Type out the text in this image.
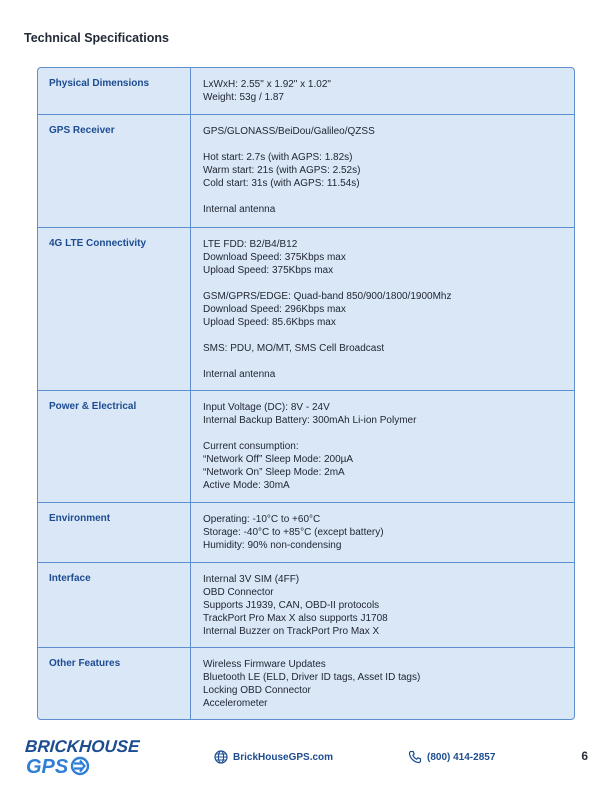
Technical Specifications
Physical Dimensions	LxWxH: 2.55" x 1.92" x 1.02"
Weight: 53g / 1.87
GPS Receiver	GPS/GLONASS/BeiDou/Galileo/QZSS
Hot start: 2.7s (with AGPS: 1.82s)
Warm start: 21s (with AGPS: 2.52s)
Cold start: 31s (with AGPS: 11.54s)
Internal antenna
4G LTE Connectivity	LTE FDD: B2/B4/B12
Download Speed: 375Kbps max
Upload Speed: 375Kbps max
GSM/GPRS/EDGE: Quad-band 850/900/1800/1900Mhz
Download Speed: 296Kbps max
Upload Speed: 85.6Kbps max
SMS: PDU, MO/MT, SMS Cell Broadcast
Internal antenna
Power & Electrical	Input Voltage (DC): 8V - 24V
Internal Backup Battery: 300mAh Li-ion Polymer
Current consumption:
“Network Off” Sleep Mode: 200µA
“Network On” Sleep Mode: 2mA
Active Mode: 30mA
Environment	Operating: -10°C to +60°C
Storage: -40°C to +85°C (except battery)
Humidity: 90% non-condensing
Interface	Internal 3V SIM (4FF)
OBD Connector
Supports J1939, CAN, OBD-II protocols
TrackPort Pro Max X also supports J1708
Internal Buzzer on TrackPort Pro Max X
Other Features	Wireless Firmware Updates
Bluetooth LE (ELD, Driver ID tags, Asset ID tags)
Locking OBD Connector
Accelerometer
BRICKHOUSE
GPS	BrickHouseGPS.com	(800) 414-2857	6
